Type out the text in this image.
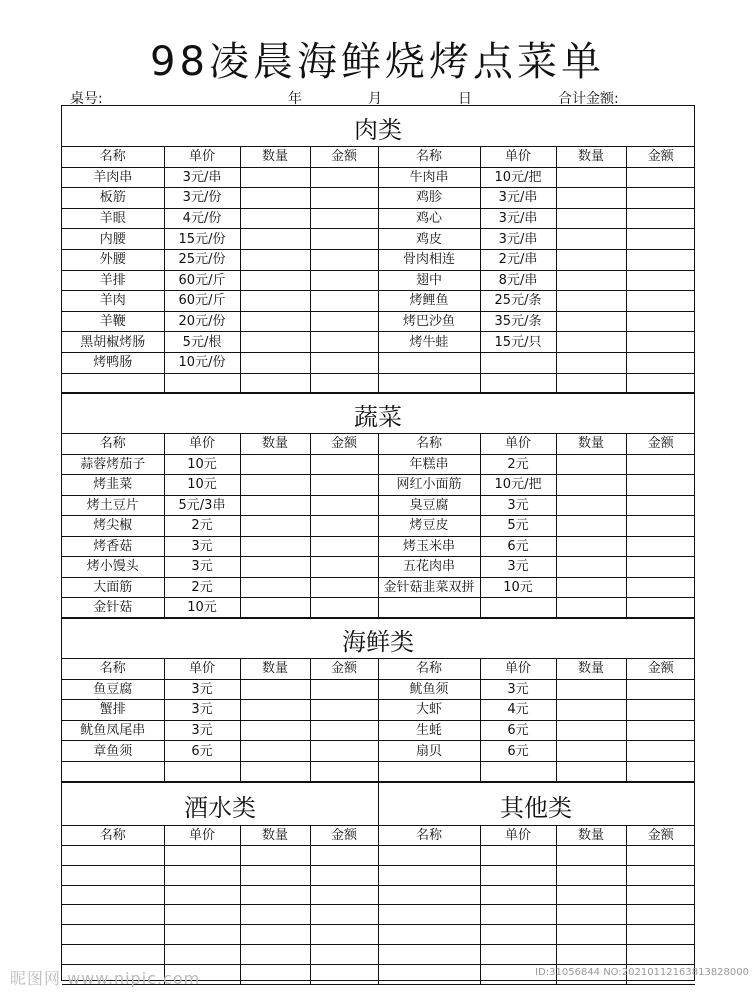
98凌晨海鲜烧烤点菜单
桌号:	年	月	日	合计金额:
肉类
名称	单价	数量	金额	名称	单价	数量	金额
羊肉串	3元/串			牛肉串	10元/把		
板筋	3元/份			鸡胗	3元/串		
羊眼	4元/份			鸡心	3元/串		
内腰	15元/份			鸡皮	3元/串		
外腰	25元/份			骨肉相连	2元/串		
羊排	60元/斤			翅中	8元/串		
羊肉	60元/斤			烤鲤鱼	25元/条		
羊鞭	20元/份			烤巴沙鱼	35元/条		
黑胡椒烤肠	5元/根			烤牛蛙	15元/只		
烤鸭肠	10元/份						

蔬菜
名称	单价	数量	金额	名称	单价	数量	金额
蒜蓉烤茄子	10元			年糕串	2元		
烤韭菜	10元			网红小面筋	10元/把		
烤土豆片	5元/3串			臭豆腐	3元		
烤尖椒	2元			烤豆皮	5元		
烤香菇	3元			烤玉米串	6元		
烤小馒头	3元			五花肉串	3元		
大面筋	2元			金针菇韭菜双拼	10元		
金针菇	10元						
海鲜类
名称	单价	数量	金额	名称	单价	数量	金额
鱼豆腐	3元			鱿鱼须	3元		
蟹排	3元			大虾	4元		
鱿鱼凤尾串	3元			生蚝	6元		
章鱼须	6元			扇贝	6元		

酒水类	其他类
名称	单价	数量	金额	名称	单价	数量	金额

昵图网 www.nipic.com	ID:31056844 NO:20210112163813828000
